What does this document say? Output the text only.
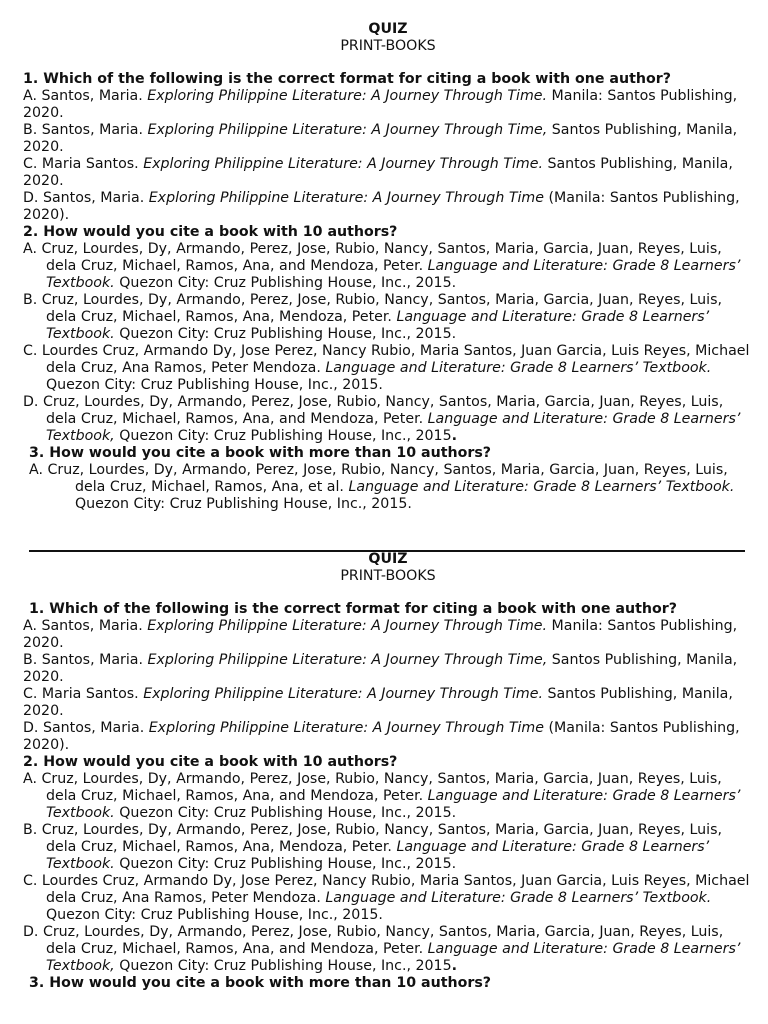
QUIZ
PRINT-BOOKS
1. Which of the following is the correct format for citing a book with one author?
A. Santos, Maria. Exploring Philippine Literature: A Journey Through Time. Manila: Santos Publishing, 2020.
B. Santos, Maria. Exploring Philippine Literature: A Journey Through Time, Santos Publishing, Manila, 2020.
C. Maria Santos. Exploring Philippine Literature: A Journey Through Time. Santos Publishing, Manila, 2020.
D. Santos, Maria. Exploring Philippine Literature: A Journey Through Time (Manila: Santos Publishing, 2020).
2. How would you cite a book with 10 authors?
A. Cruz, Lourdes, Dy, Armando, Perez, Jose, Rubio, Nancy, Santos, Maria, Garcia, Juan, Reyes, Luis, dela Cruz, Michael, Ramos, Ana, and Mendoza, Peter. Language and Literature: Grade 8 Learners’ Textbook. Quezon City: Cruz Publishing House, Inc., 2015.
B. Cruz, Lourdes, Dy, Armando, Perez, Jose, Rubio, Nancy, Santos, Maria, Garcia, Juan, Reyes, Luis, dela Cruz, Michael, Ramos, Ana, Mendoza, Peter. Language and Literature: Grade 8 Learners’ Textbook. Quezon City: Cruz Publishing House, Inc., 2015.
C. Lourdes Cruz, Armando Dy, Jose Perez, Nancy Rubio, Maria Santos, Juan Garcia, Luis Reyes, Michael dela Cruz, Ana Ramos, Peter Mendoza. Language and Literature: Grade 8 Learners’ Textbook. Quezon City: Cruz Publishing House, Inc., 2015.
D. Cruz, Lourdes, Dy, Armando, Perez, Jose, Rubio, Nancy, Santos, Maria, Garcia, Juan, Reyes, Luis, dela Cruz, Michael, Ramos, Ana, and Mendoza, Peter. Language and Literature: Grade 8 Learners’ Textbook, Quezon City: Cruz Publishing House, Inc., 2015.
3. How would you cite a book with more than 10 authors?
A. Cruz, Lourdes, Dy, Armando, Perez, Jose, Rubio, Nancy, Santos, Maria, Garcia, Juan, Reyes, Luis, dela Cruz, Michael, Ramos, Ana, et al. Language and Literature: Grade 8 Learners’ Textbook. Quezon City: Cruz Publishing House, Inc., 2015.
QUIZ
PRINT-BOOKS
1. Which of the following is the correct format for citing a book with one author?
A. Santos, Maria. Exploring Philippine Literature: A Journey Through Time. Manila: Santos Publishing, 2020.
B. Santos, Maria. Exploring Philippine Literature: A Journey Through Time, Santos Publishing, Manila, 2020.
C. Maria Santos. Exploring Philippine Literature: A Journey Through Time. Santos Publishing, Manila, 2020.
D. Santos, Maria. Exploring Philippine Literature: A Journey Through Time (Manila: Santos Publishing, 2020).
2. How would you cite a book with 10 authors?
A. Cruz, Lourdes, Dy, Armando, Perez, Jose, Rubio, Nancy, Santos, Maria, Garcia, Juan, Reyes, Luis, dela Cruz, Michael, Ramos, Ana, and Mendoza, Peter. Language and Literature: Grade 8 Learners’ Textbook. Quezon City: Cruz Publishing House, Inc., 2015.
B. Cruz, Lourdes, Dy, Armando, Perez, Jose, Rubio, Nancy, Santos, Maria, Garcia, Juan, Reyes, Luis, dela Cruz, Michael, Ramos, Ana, Mendoza, Peter. Language and Literature: Grade 8 Learners’ Textbook. Quezon City: Cruz Publishing House, Inc., 2015.
C. Lourdes Cruz, Armando Dy, Jose Perez, Nancy Rubio, Maria Santos, Juan Garcia, Luis Reyes, Michael dela Cruz, Ana Ramos, Peter Mendoza. Language and Literature: Grade 8 Learners’ Textbook. Quezon City: Cruz Publishing House, Inc., 2015.
D. Cruz, Lourdes, Dy, Armando, Perez, Jose, Rubio, Nancy, Santos, Maria, Garcia, Juan, Reyes, Luis, dela Cruz, Michael, Ramos, Ana, and Mendoza, Peter. Language and Literature: Grade 8 Learners’ Textbook, Quezon City: Cruz Publishing House, Inc., 2015.
3. How would you cite a book with more than 10 authors?
